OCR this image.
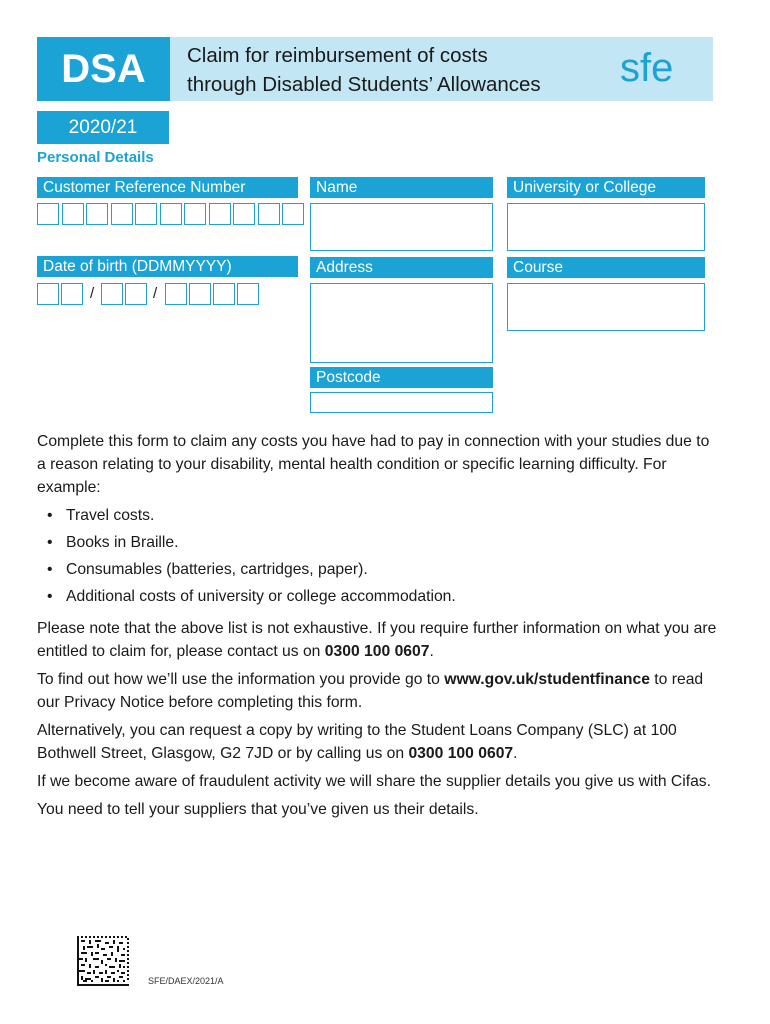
DSA	Claim for reimbursement of costs
through Disabled Students’ Allowances	sfe
2020/21
Personal Details
Customer Reference Number
Date of birth (DDMMYYYY)
/	/
Name
Address
Postcode
University or College
Course

Complete this form to claim any costs you have had to pay in connection with your studies due to a reason relating to your disability, mental health condition or specific learning difficulty. For example:

• Travel costs.
• Books in Braille.
• Consumables (batteries, cartridges, paper).
• Additional costs of university or college accommodation.

Please note that the above list is not exhaustive. If you require further information on what you are entitled to claim for, please contact us on 0300 100 0607.

To find out how we’ll use the information you provide go to www.gov.uk/studentfinance to read our Privacy Notice before completing this form.

Alternatively, you can request a copy by writing to the Student Loans Company (SLC) at 100 Bothwell Street, Glasgow, G2 7JD or by calling us on 0300 100 0607.

If we become aware of fraudulent activity we will share the supplier details you give us with Cifas.

You need to tell your suppliers that you’ve given us their details.

SFE/DAEX/2021/A
